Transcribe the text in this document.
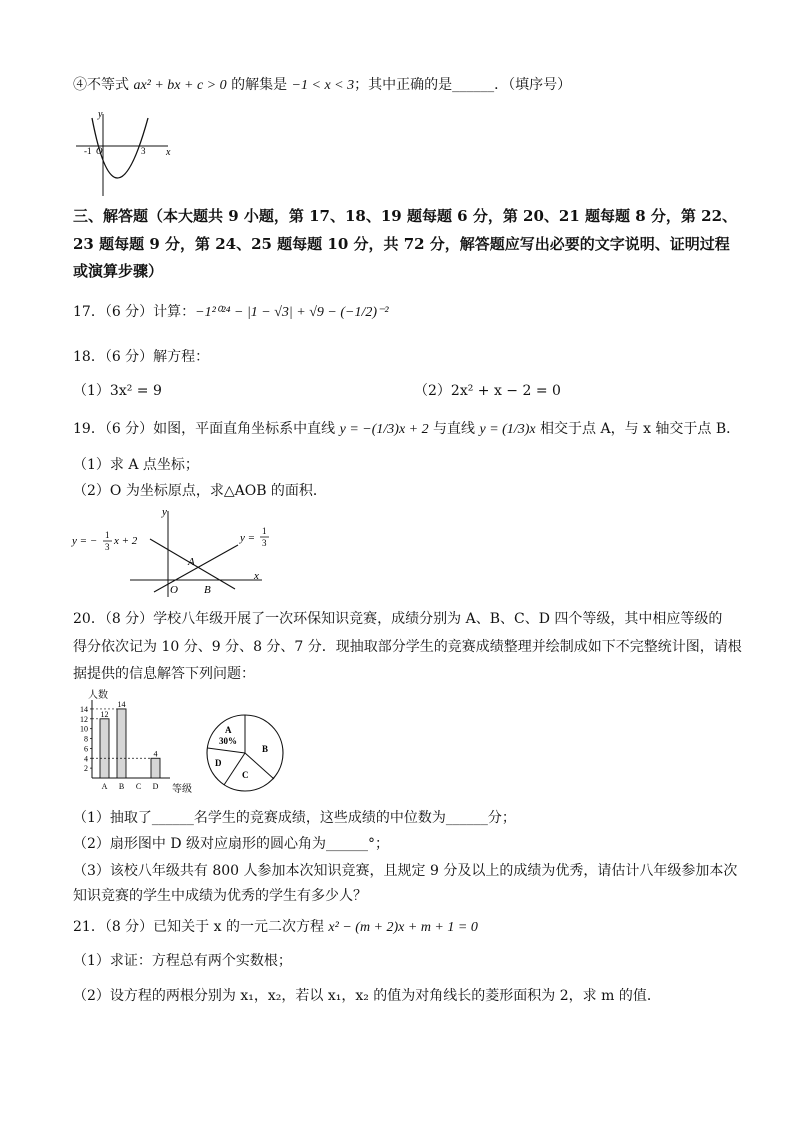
④不等式 ax² + bx + c > 0 的解集是 −1 < x < 3；其中正确的是______．（填序号）
y
x
-1 O	3
三、解答题（本大题共 9 小题，第 17、18、19 题每题 6 分，第 20、21 题每题 8 分，第 22、
23 题每题 9 分，第 24、25 题每题 10 分，共 72 分，解答题应写出必要的文字说明、证明过程
或演算步骤）
17．（6 分）计算：−1²⁰²⁴ − |1 − √3| + √9 − (−1/2)⁻²
18．（6 分）解方程：
（1）3x² = 9	（2）2x² + x − 2 = 0
19．（6 分）如图，平面直角坐标系中直线 y = −(1/3)x + 2 与直线 y = (1/3)x 相交于点 A，与 x 轴交于点 B．
（1）求 A 点坐标；
（2）O 为坐标原点，求△AOB 的面积．
y
x
A
O B
y = − 1
3 x + 2	y =
1
3
20．（8 分）学校八年级开展了一次环保知识竞赛，成绩分别为 A、B、C、D 四个等级，其中相应等级的
得分依次记为 10 分、9 分、8 分、7 分．现抽取部分学生的竞赛成绩整理并绘制成如下不完整统计图，请根
据提供的信息解答下列问题：
2
4
6
8
10
12
14
A
12
B
14
C D
4
人数
等级
A
30%
B
C
D
（1）抽取了______名学生的竞赛成绩，这些成绩的中位数为______分；
（2）扇形图中 D 级对应扇形的圆心角为______°；
（3）该校八年级共有 800 人参加本次知识竞赛，且规定 9 分及以上的成绩为优秀，请估计八年级参加本次
知识竞赛的学生中成绩为优秀的学生有多少人？
21．（8 分）已知关于 x 的一元二次方程 x² − (m + 2)x + m + 1 = 0
（1）求证：方程总有两个实数根；
（2）设方程的两根分别为 x₁，x₂，若以 x₁，x₂ 的值为对角线长的菱形面积为 2，求 m 的值．
